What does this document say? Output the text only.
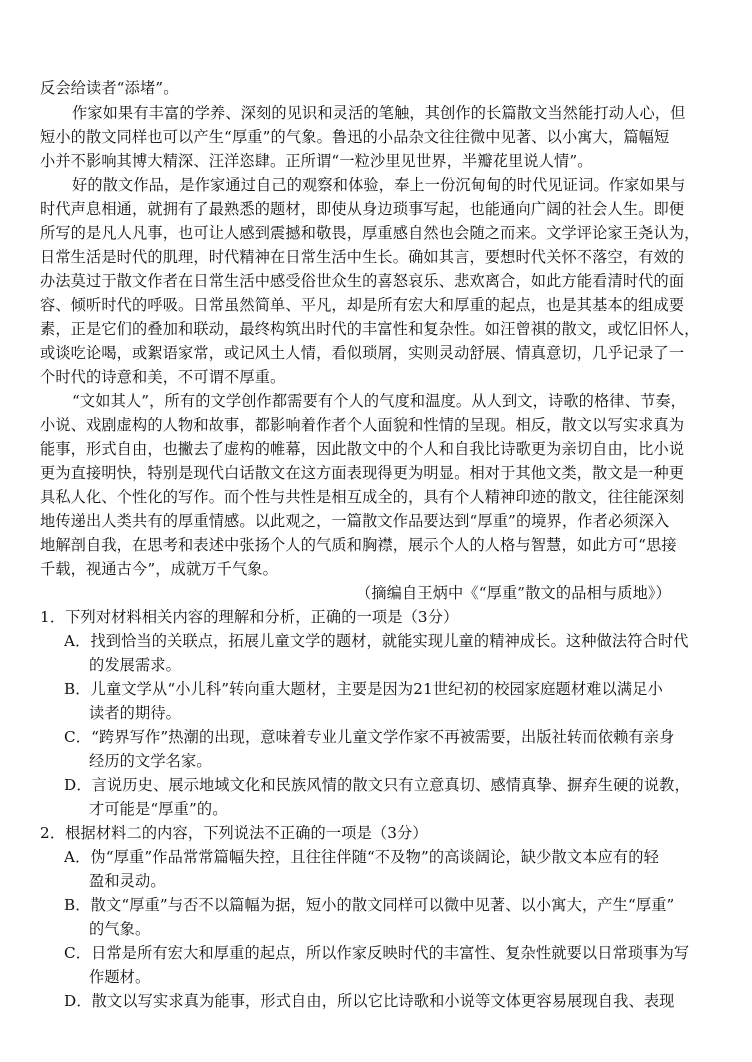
反会给读者“添堵”。
作家如果有丰富的学养、深刻的见识和灵活的笔触，其创作的长篇散文当然能打动人心，但
短小的散文同样也可以产生“厚重”的气象。鲁迅的小品杂文往往微中见著、以小寓大，篇幅短
小并不影响其博大精深、汪洋恣肆。正所谓“一粒沙里见世界，半瓣花里说人情”。
好的散文作品，是作家通过自己的观察和体验，奉上一份沉甸甸的时代见证词。作家如果与
时代声息相通，就拥有了最熟悉的题材，即使从身边琐事写起，也能通向广阔的社会人生。即便
所写的是凡人凡事，也可让人感到震撼和敬畏，厚重感自然也会随之而来。文学评论家王尧认为，
日常生活是时代的肌理，时代精神在日常生活中生长。确如其言，要想时代关怀不落空，有效的
办法莫过于散文作者在日常生活中感受俗世众生的喜怒哀乐、悲欢离合，如此方能看清时代的面
容、倾听时代的呼吸。日常虽然简单、平凡，却是所有宏大和厚重的起点，也是其基本的组成要
素，正是它们的叠加和联动，最终构筑出时代的丰富性和复杂性。如汪曾祺的散文，或忆旧怀人，
或谈吃论喝，或絮语家常，或记风土人情，看似琐屑，实则灵动舒展、情真意切，几乎记录了一
个时代的诗意和美，不可谓不厚重。
“文如其人”，所有的文学创作都需要有个人的气度和温度。从人到文，诗歌的格律、节奏，
小说、戏剧虚构的人物和故事，都影响着作者个人面貌和性情的呈现。相反，散文以写实求真为
能事，形式自由，也撇去了虚构的帷幕，因此散文中的个人和自我比诗歌更为亲切自由，比小说
更为直接明快，特别是现代白话散文在这方面表现得更为明显。相对于其他文类，散文是一种更
具私人化、个性化的写作。而个性与共性是相互成全的，具有个人精神印迹的散文，往往能深刻
地传递出人类共有的厚重情感。以此观之，一篇散文作品要达到“厚重”的境界，作者必须深入
地解剖自我，在思考和表述中张扬个人的气质和胸襟，展示个人的人格与智慧，如此方可“思接
千载，视通古今”，成就万千气象。
（摘编自王炳中《“厚重”散文的品相与质地》）
1．下列对材料相关内容的理解和分析，正确的一项是（3分）
A．找到恰当的关联点，拓展儿童文学的题材，就能实现儿童的精神成长。这种做法符合时代
的发展需求。
B．儿童文学从“小儿科”转向重大题材，主要是因为21世纪初的校园家庭题材难以满足小
读者的期待。
C．“跨界写作”热潮的出现，意味着专业儿童文学作家不再被需要，出版社转而依赖有亲身
经历的文学名家。
D．言说历史、展示地域文化和民族风情的散文只有立意真切、感情真挚、摒弃生硬的说教，
才可能是“厚重”的。
2．根据材料二的内容，下列说法不正确的一项是（3分）
A．伪“厚重”作品常常篇幅失控，且往往伴随“不及物”的高谈阔论，缺少散文本应有的轻
盈和灵动。
B．散文“厚重”与否不以篇幅为据，短小的散文同样可以微中见著、以小寓大，产生“厚重”
的气象。
C．日常是所有宏大和厚重的起点，所以作家反映时代的丰富性、复杂性就要以日常琐事为写
作题材。
D．散文以写实求真为能事，形式自由，所以它比诗歌和小说等文体更容易展现自我、表现
